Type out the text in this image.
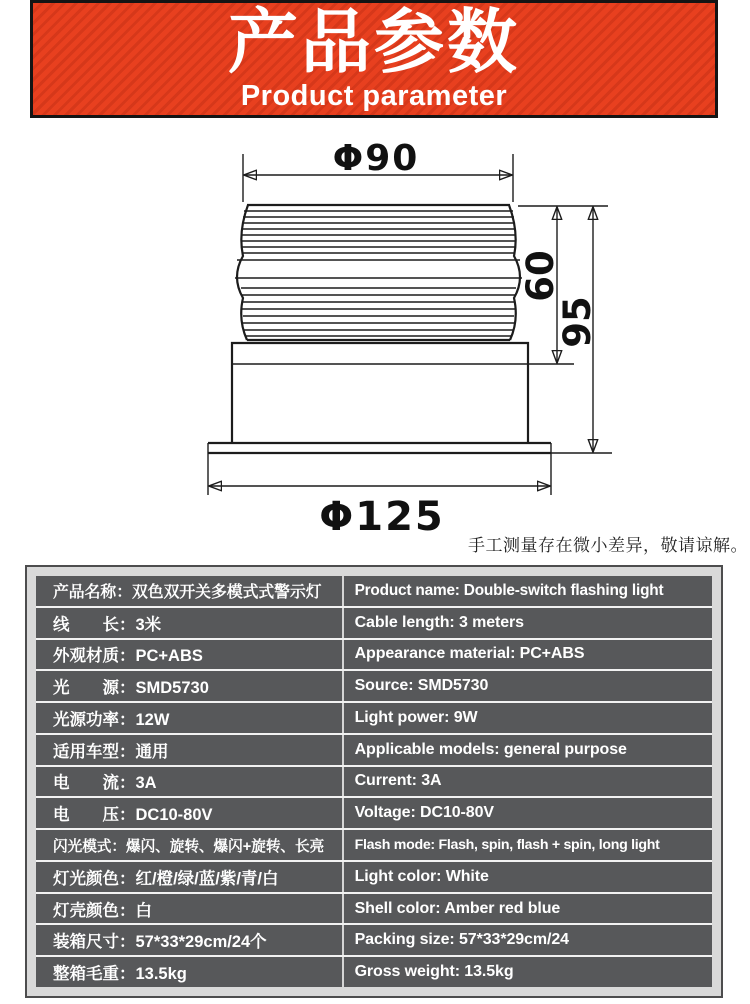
产品参数
Product parameter
Φ90
Φ125
60
95
手工测量存在微小差异，敬请谅解。
产品名称：双色双开关多模式式警示灯	Product name: Double-switch flashing light
线　　长：3米	Cable length: 3 meters
外观材质：PC+ABS	Appearance material: PC+ABS
光　　源：SMD5730	Source: SMD5730
光源功率：12W	Light power: 9W
适用车型：通用	Applicable models: general purpose
电　　流：3A	Current: 3A
电　　压：DC10-80V	Voltage: DC10-80V
闪光模式：爆闪、旋转、爆闪+旋转、长亮	Flash mode: Flash, spin, flash + spin, long light
灯光颜色：红/橙/绿/蓝/紫/青/白	Light color: White
灯壳颜色：白	Shell color: Amber red blue
装箱尺寸：57*33*29cm/24个	Packing size: 57*33*29cm/24
整箱毛重：13.5kg	Gross weight: 13.5kg
